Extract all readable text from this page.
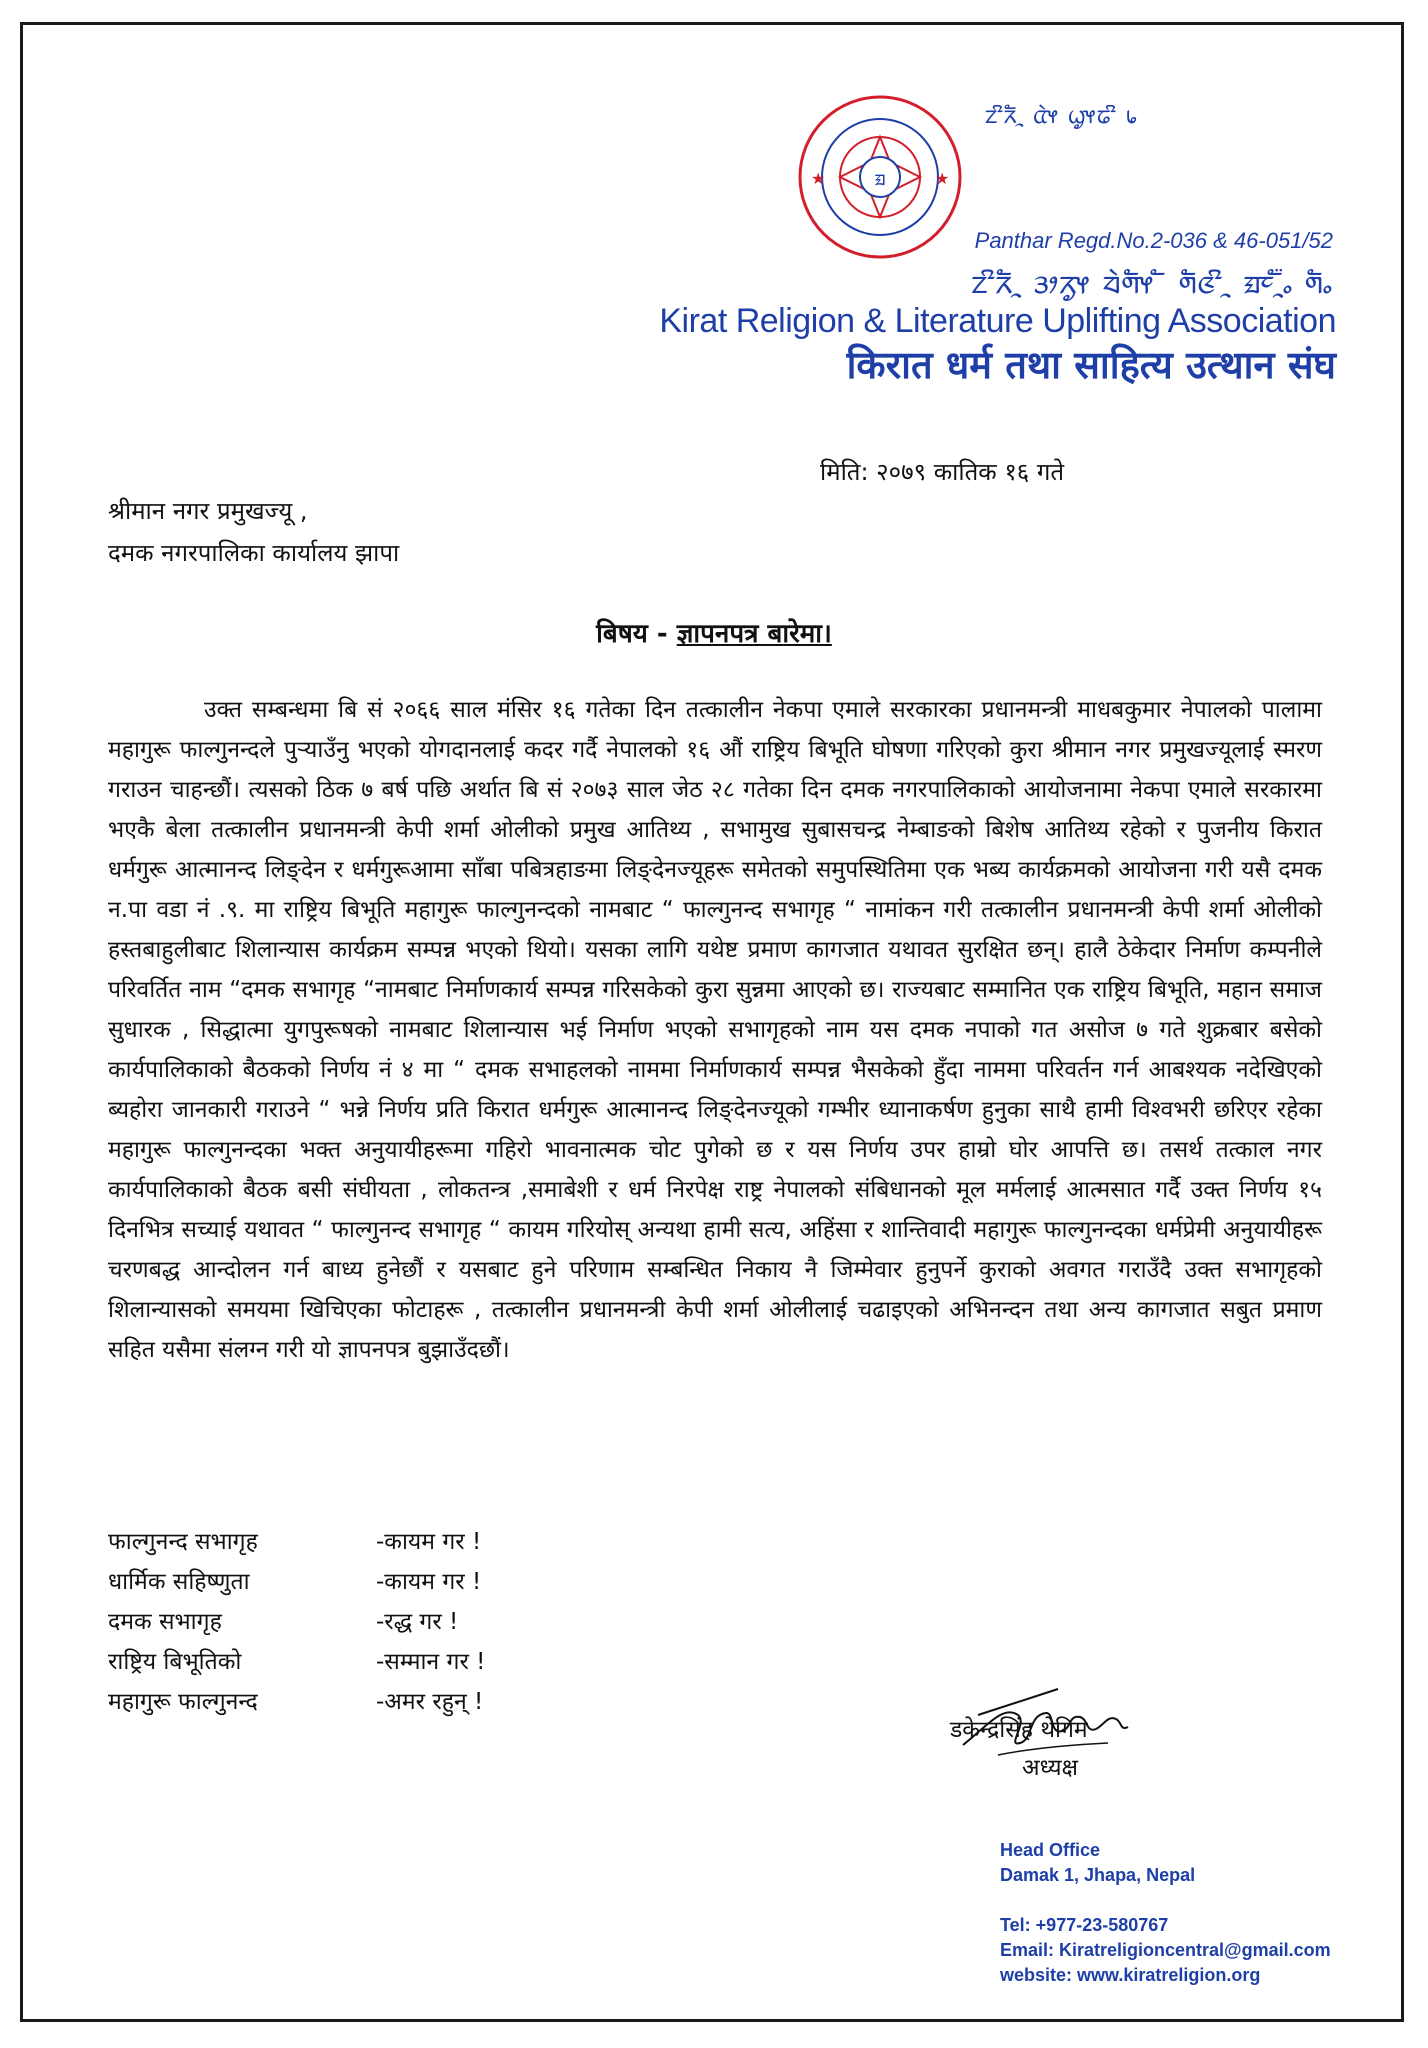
ᤀ
★	★
ᤁᤡᤖᤠᤳ ᤂᤧᤶ ᤐᤢᤶᤒᤡ ᥇
Panthar Regd.No.2-036 & 46-051/52
ᤁᤡᤖᤠᤳ ᤋᤣᤖᤢᤶ ᤔᤧᤛᤠᤶ ᤠ ᤛᤠᤜᤡᤳ ᤀᤰᤳᤠ᤺ᤱ ᤛᤠᤱ
Kirat Religion & Literature Uplifting Association
किरात धर्म तथा साहित्य उत्थान संघ
मिति: २०७९ कातिक १६ गते
श्रीमान नगर प्रमुखज्यू ,
दमक नगरपालिका कार्यालय झापा
बिषय - ज्ञापनपत्र बारेमा।
उक्त सम्बन्धमा बि सं २०६६ साल मंसिर १६ गतेका दिन तत्कालीन नेकपा एमाले सरकारका प्रधानमन्त्री माधबकुमार नेपालको पालामा महागुरू फाल्गुनन्दले पुर्‍याउँनु भएको योगदानलाई कदर गर्दै नेपालको १६ औं राष्ट्रिय बिभूति घोषणा गरिएको कुरा श्रीमान नगर प्रमुखज्यूलाई स्मरण गराउन चाहन्छौं। त्यसको ठिक ७ बर्ष पछि अर्थात बि सं २०७३ साल जेठ २८ गतेका दिन दमक नगरपालिकाको आयोजनामा नेकपा एमाले सरकारमा भएकै बेला तत्कालीन प्रधानमन्त्री केपी शर्मा ओलीको प्रमुख आतिथ्य , सभामुख सुबासचन्द्र नेम्बाङको बिशेष आतिथ्य रहेको र पुजनीय किरात धर्मगुरू आत्मानन्द लिङ्देन र धर्मगुरूआमा साँबा पबित्रहाङमा लिङ्देनज्यूहरू समेतको समुपस्थितिमा एक भब्य कार्यक्रमको आयोजना गरी यसै दमक न.पा वडा नं .९. मा राष्ट्रिय बिभूति महागुरू फाल्गुनन्दको नामबाट “ फाल्गुनन्द सभागृह “ नामांकन गरी तत्कालीन प्रधानमन्त्री केपी शर्मा ओलीको हस्तबाहुलीबाट शिलान्यास कार्यक्रम सम्पन्न भएको थियो। यसका लागि यथेष्ट प्रमाण कागजात यथावत सुरक्षित छन्। हालै ठेकेदार निर्माण कम्पनीले परिवर्तित नाम “दमक सभागृह “नामबाट निर्माणकार्य सम्पन्न गरिसकेको कुरा सुन्नमा आएको छ। राज्यबाट सम्मानित एक राष्ट्रिय बिभूति, महान समाज सुधारक , सिद्धात्मा युगपुरूषको नामबाट शिलान्यास भई निर्माण भएको सभागृहको नाम यस दमक नपाको गत असोज ७ गते शुक्रबार बसेको कार्यपालिकाको बैठकको निर्णय नं ४ मा “ दमक सभाहलको नाममा निर्माणकार्य सम्पन्न भैसकेको हुँदा नाममा परिवर्तन गर्न आबश्यक नदेखिएको ब्यहोरा जानकारी गराउने “ भन्ने निर्णय प्रति किरात धर्मगुरू आत्मानन्द लिङ्देनज्यूको गम्भीर ध्यानाकर्षण हुनुका साथै हामी विश्वभरी छरिएर रहेका महागुरू फाल्गुनन्दका भक्त अनुयायीहरूमा गहिरो भावनात्मक चोट पुगेको छ र यस निर्णय उपर हाम्रो घोर आपत्ति छ। तसर्थ तत्काल नगर कार्यपालिकाको बैठक बसी संघीयता , लोकतन्त्र ,समाबेशी र धर्म निरपेक्ष राष्ट्र नेपालको संबिधानको मूल मर्मलाई आत्मसात गर्दै उक्त निर्णय १५ दिनभित्र सच्याई यथावत “ फाल्गुनन्द सभागृह “ कायम गरियोस् अन्यथा हामी सत्य, अहिंसा र शान्तिवादी महागुरू फाल्गुनन्दका धर्मप्रेमी अनुयायीहरू चरणबद्ध आन्दोलन गर्न बाध्य हुनेछौं र यसबाट हुने परिणाम सम्बन्धित निकाय नै जिम्मेवार हुनुपर्ने कुराको अवगत गराउँदै उक्त सभागृहको शिलान्यासको समयमा खिचिएका फोटाहरू , तत्कालीन प्रधानमन्त्री केपी शर्मा ओलीलाई चढाइएको अभिनन्दन तथा अन्य कागजात सबुत प्रमाण सहित यसैमा संलग्न गरी यो ज्ञापनपत्र बुझाउँदछौं।
फाल्गुनन्द सभागृह	-कायम गर !
धार्मिक सहिष्णुता	-कायम गर !
दमक सभागृह	-रद्ध गर !
राष्ट्रिय बिभूतिको	-सम्मान गर !
महागुरू फाल्गुनन्द	-अमर रहुन् !
डकेन्द्रसिंह थेगिम
अध्यक्ष
Head Office
Damak 1, Jhapa, Nepal
Tel: +977-23-580767
Email: Kiratreligioncentral@gmail.com
website: www.kiratreligion.org
